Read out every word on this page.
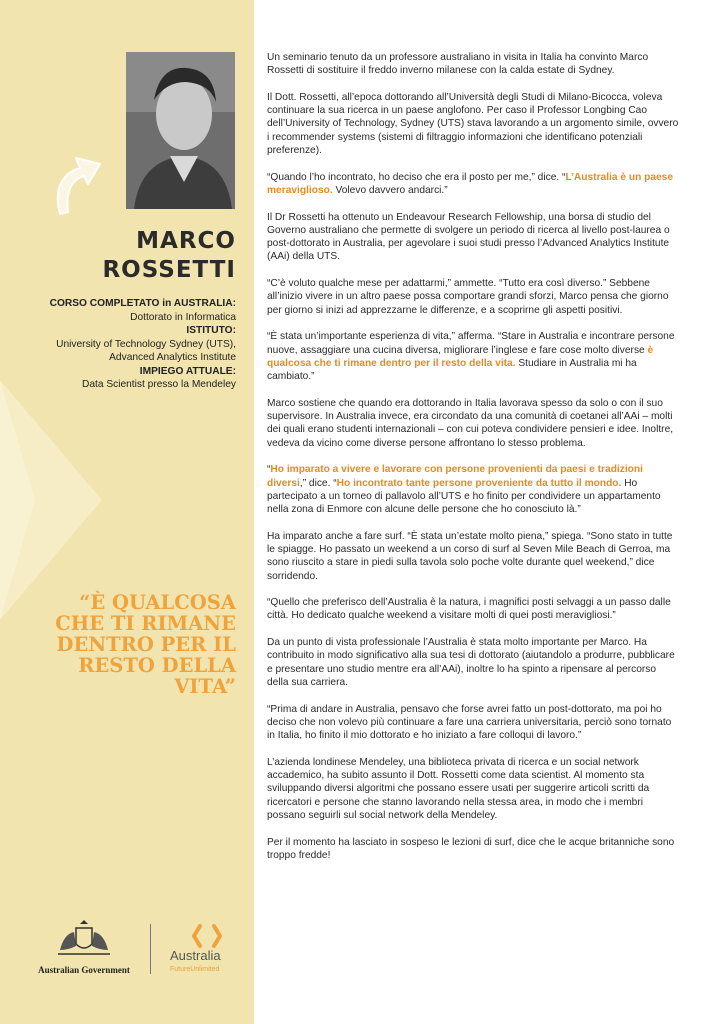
MARCO
ROSSETTI
CORSO COMPLETATO in AUSTRALIA:
Dottorato in Informatica
ISTITUTO:
University of Technology Sydney (UTS),
Advanced Analytics Institute
IMPIEGO ATTUALE:
Data Scientist presso la Mendeley
“È QUALCOSA
CHE TI RIMANE
DENTRO PER IL
RESTO DELLA
VITA”
Australian Government
Australia
FutureUnlimited

Un seminario tenuto da un professore australiano in visita in Italia ha convinto Marco Rossetti di sostituire il freddo inverno milanese con la calda estate di Sydney.

Il Dott. Rossetti, all’epoca dottorando all’Università degli Studi di Milano-Bicocca, voleva continuare la sua ricerca in un paese anglofono. Per caso il Professor Longbing Cao dell’University of Technology, Sydney (UTS) stava lavorando a un argomento simile, ovvero i recommender systems (sistemi di filtraggio informazioni che identificano potenziali preferenze).

“Quando l’ho incontrato, ho deciso che era il posto per me,” dice. “L’Australia è un paese meraviglioso. Volevo davvero andarci.”

Il Dr Rossetti ha ottenuto un Endeavour Research Fellowship, una borsa di studio del Governo australiano che permette di svolgere un periodo di ricerca al livello post-laurea o post-dottorato in Australia, per agevolare i suoi studi presso l’Advanced Analytics Institute (AAi) della UTS.

“C’è voluto qualche mese per adattarmi,” ammette. “Tutto era così diverso.” Sebbene all’inizio vivere in un altro paese possa comportare grandi sforzi, Marco pensa che giorno per giorno si inizi ad apprezzarne le differenze, e a scoprirne gli aspetti positivi.

“È stata un’importante esperienza di vita,” afferma. “Stare in Australia e incontrare persone nuove, assaggiare una cucina diversa, migliorare l’inglese e fare cose molto diverse è qualcosa che ti rimane dentro per il resto della vita. Studiare in Australia mi ha cambiato.”

Marco sostiene che quando era dottorando in Italia lavorava spesso da solo o con il suo supervisore. In Australia invece, era circondato da una comunità di coetanei all’AAi – molti dei quali erano studenti internazionali – con cui poteva condividere pensieri e idee. Inoltre, vedeva da vicino come diverse persone affrontano lo stesso problema.

“Ho imparato a vivere e lavorare con persone provenienti da paesi e tradizioni diversi,” dice. “Ho incontrato tante persone proveniente da tutto il mondo. Ho partecipato a un torneo di pallavolo all’UTS e ho finito per condividere un appartamento nella zona di Enmore con alcune delle persone che ho conosciuto là.”

Ha imparato anche a fare surf. “È stata un’estate molto piena,” spiega. “Sono stato in tutte le spiagge. Ho passato un weekend a un corso di surf al Seven Mile Beach di Gerroa, ma sono riuscito a stare in piedi sulla tavola solo poche volte durante quel weekend,” dice sorridendo.

“Quello che preferisco dell’Australia è la natura, i magnifici posti selvaggi a un passo dalle città. Ho dedicato qualche weekend a visitare molti di quei posti meravigliosi.”

Da un punto di vista professionale l’Australia è stata molto importante per Marco. Ha contribuito in modo significativo alla sua tesi di dottorato (aiutandolo a produrre, pubblicare e presentare uno studio mentre era all’AAi), inoltre lo ha spinto a ripensare al percorso della sua carriera.

“Prima di andare in Australia, pensavo che forse avrei fatto un post-dottorato, ma poi ho deciso che non volevo più continuare a fare una carriera universitaria, perciò sono tornato in Italia, ho finito il mio dottorato e ho iniziato a fare colloqui di lavoro.”

L’azienda londinese Mendeley, una biblioteca privata di ricerca e un social network accademico, ha subito assunto il Dott. Rossetti come data scientist. Al momento sta sviluppando diversi algoritmi che possano essere usati per suggerire articoli scritti da ricercatori e persone che stanno lavorando nella stessa area, in modo che i membri possano seguirli sul social network della Mendeley.

Per il momento ha lasciato in sospeso le lezioni di surf, dice che le acque britanniche sono troppo fredde!
